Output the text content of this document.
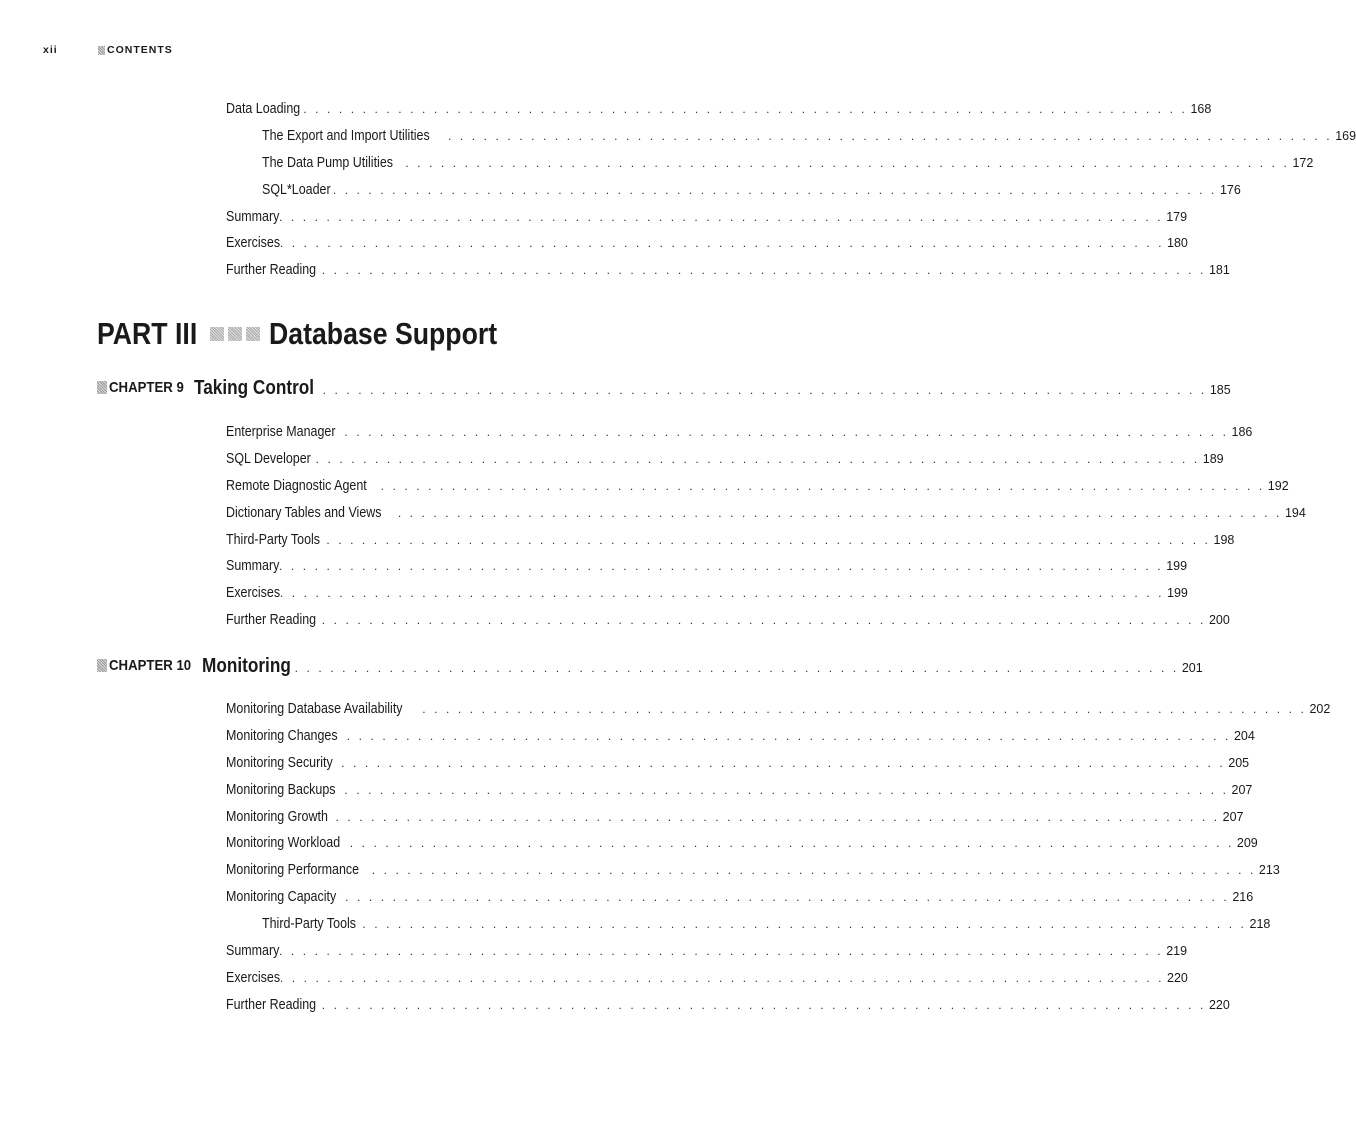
xii	CONTENTS
Data Loading . . .	168
The Export and Import Utilities . . .	169
The Data Pump Utilities . . .	172
SQL*Loader . . .	176
Summary . . .	179
Exercises . . .	180
Further Reading . . .	181
PART III Database Support
CHAPTER 9 Taking Control . . .	185
Enterprise Manager . . .	186
SQL Developer . . .	189
Remote Diagnostic Agent . . .	192
Dictionary Tables and Views . . .	194
Third-Party Tools . . .	198
Summary . . .	199
Exercises . . .	199
Further Reading . . .	200
CHAPTER 10 Monitoring . . .	201
Monitoring Database Availability . . .	202
Monitoring Changes . . .	204
Monitoring Security . . .	205
Monitoring Backups . . .	207
Monitoring Growth . . .	207
Monitoring Workload . . .	209
Monitoring Performance . . .	213
Monitoring Capacity . . .	216
Third-Party Tools . . .	218
Summary . . .	219
Exercises . . .	220
Further Reading . . .	220
